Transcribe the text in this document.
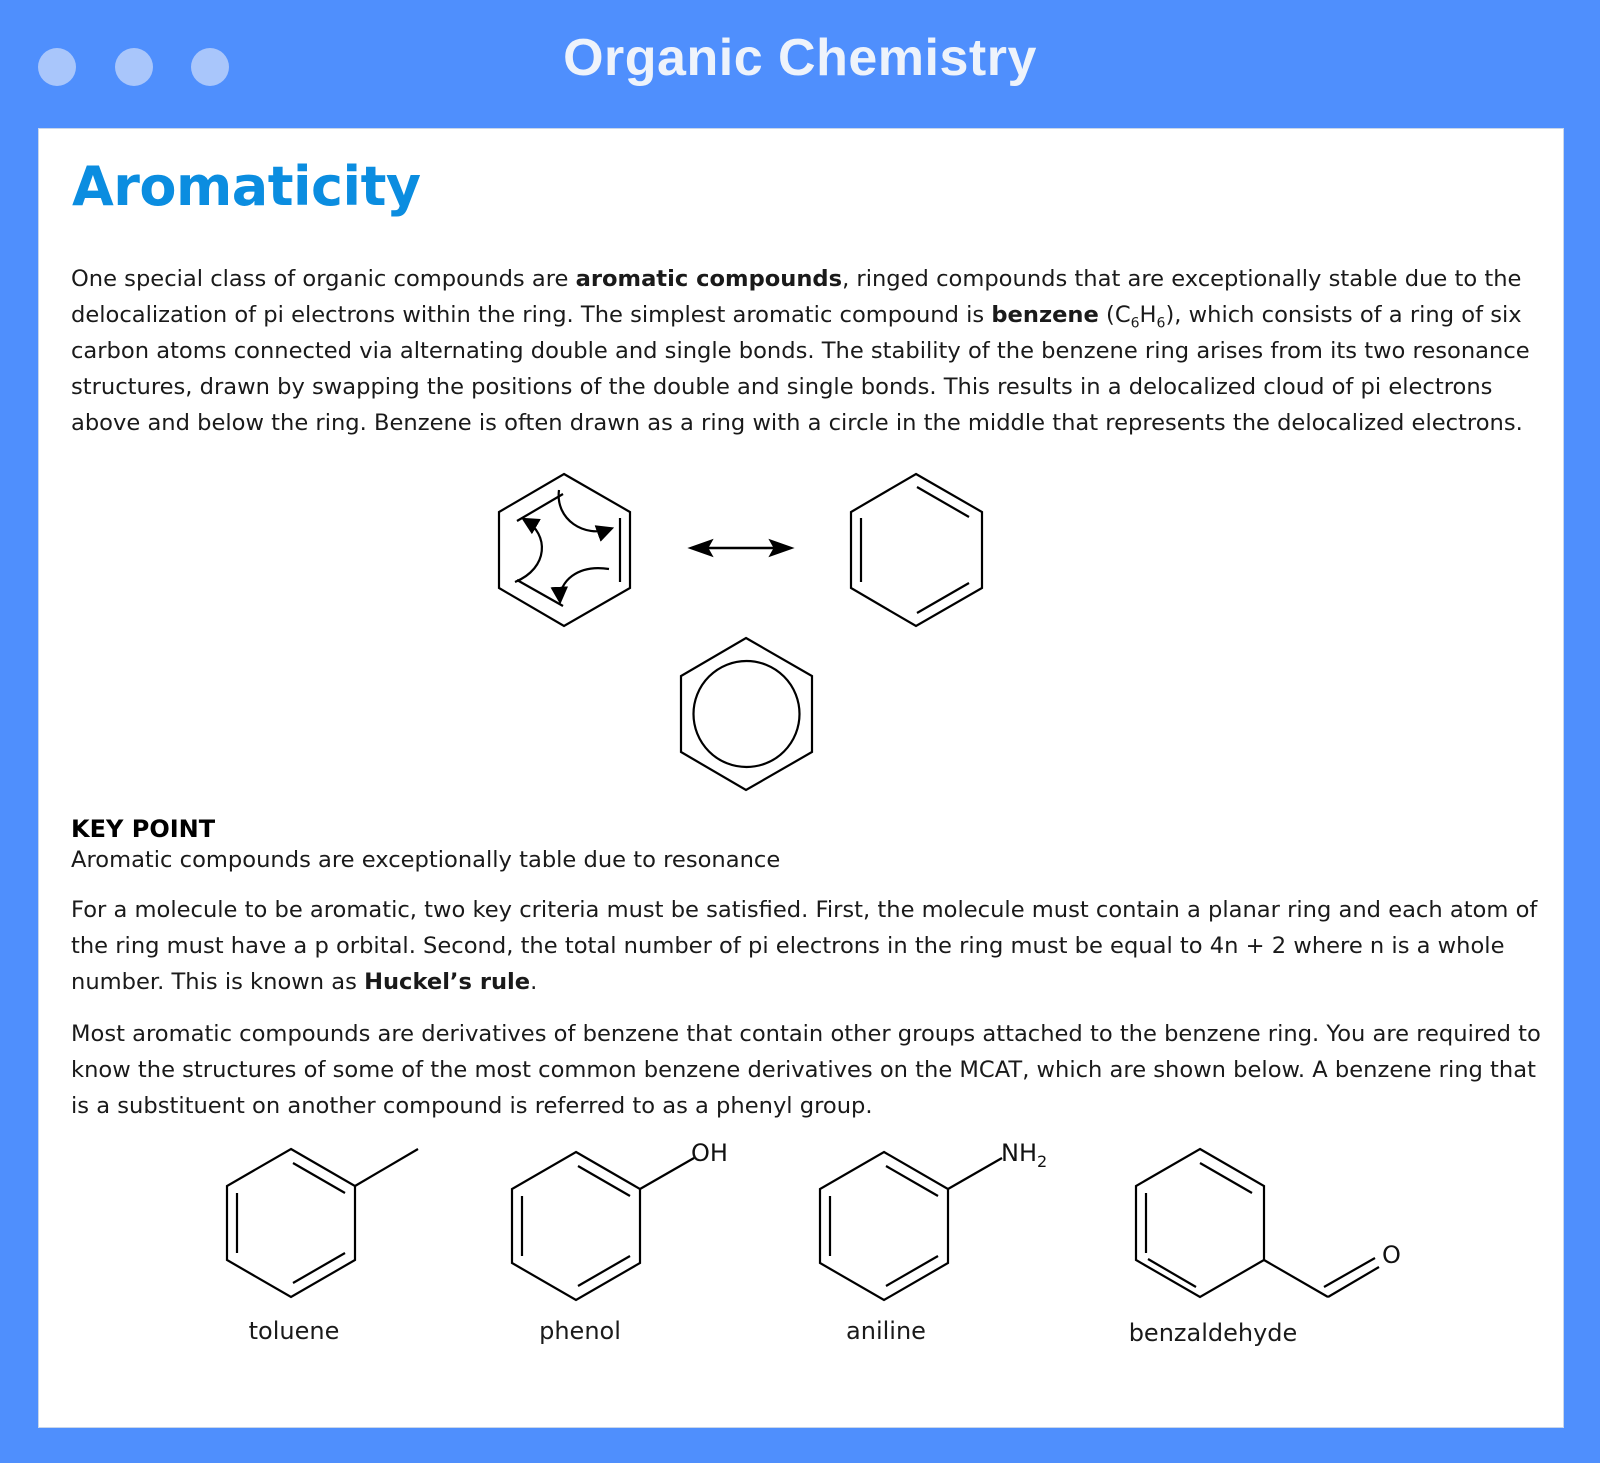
Organic Chemistry
Aromaticity

One special class of organic compounds are aromatic compounds, ringed compounds that are exceptionally stable due to the delocalization of pi electrons within the ring. The simplest aromatic compound is benzene $(C_6H_6)$, which consists of a ring of six carbon atoms connected via alternating double and single bonds. The stability of the benzene ring arises from its two resonance structures, drawn by swapping the positions of the double and single bonds. This results in a delocalized cloud of pi electrons above and below the ring. Benzene is often drawn as a ring with a circle in the middle that represents the delocalized electrons.

KEY POINT

Aromatic compounds are exceptionally table due to resonance

For a molecule to be aromatic, two key criteria must be satisfied. First, the molecule must contain a planar ring and each atom of the ring must have a p orbital. Second, the total number of pi electrons in the ring must be equal to 4n + 2 where n is a whole number. This is known as Huckel’s rule.

Most aromatic compounds are derivatives of benzene that contain other groups attached to the benzene ring. You are required to know the structures of some of the most common benzene derivatives on the MCAT, which are shown below. A benzene ring that is a substituent on another compound is referred to as a phenyl group.

toluene
OH
phenol
$NH_2$
aniline
O
benzaldehyde
